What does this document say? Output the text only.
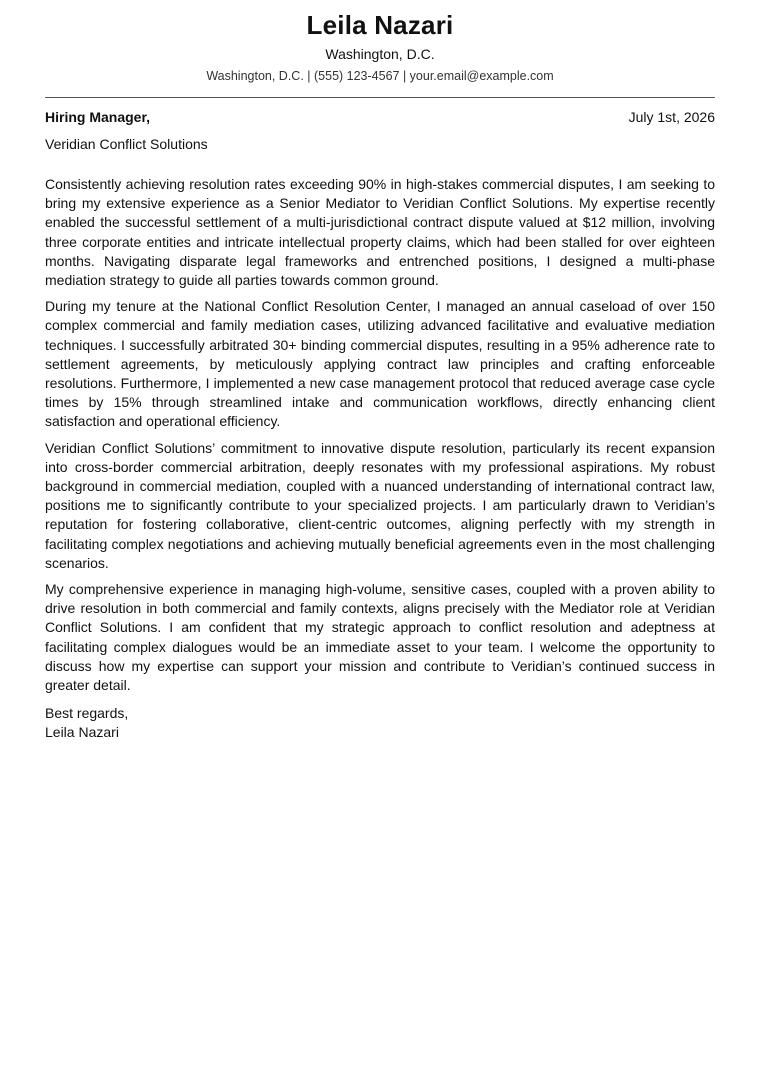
Leila Nazari
Washington, D.C.
Washington, D.C. | (555) 123-4567 | your.email@example.com
Hiring Manager,	July 1st, 2026
Veridian Conflict Solutions

Consistently achieving resolution rates exceeding 90% in high-stakes commercial disputes, I am seeking to bring my extensive experience as a Senior Mediator to Veridian Conflict Solutions. My expertise recently enabled the successful settlement of a multi-jurisdictional contract dispute valued at $12 million, involving three corporate entities and intricate intellectual property claims, which had been stalled for over eighteen months. Navigating disparate legal frameworks and entrenched positions, I designed a multi-phase mediation strategy to guide all parties towards common ground.

During my tenure at the National Conflict Resolution Center, I managed an annual caseload of over 150 complex commercial and family mediation cases, utilizing advanced facilitative and evaluative mediation techniques. I successfully arbitrated 30+ binding commercial disputes, resulting in a 95% adherence rate to settlement agreements, by meticulously applying contract law principles and crafting enforceable resolutions. Furthermore, I implemented a new case management protocol that reduced average case cycle times by 15% through streamlined intake and communication workflows, directly enhancing client satisfaction and operational efficiency.

Veridian Conflict Solutions’ commitment to innovative dispute resolution, particularly its recent expansion into cross-border commercial arbitration, deeply resonates with my professional aspirations. My robust background in commercial mediation, coupled with a nuanced understanding of international contract law, positions me to significantly contribute to your specialized projects. I am particularly drawn to Veridian’s reputation for fostering collaborative, client-centric outcomes, aligning perfectly with my strength in facilitating complex negotiations and achieving mutually beneficial agreements even in the most challenging scenarios.

My comprehensive experience in managing high-volume, sensitive cases, coupled with a proven ability to drive resolution in both commercial and family contexts, aligns precisely with the Mediator role at Veridian Conflict Solutions. I am confident that my strategic approach to conflict resolution and adeptness at facilitating complex dialogues would be an immediate asset to your team. I welcome the opportunity to discuss how my expertise can support your mission and contribute to Veridian’s continued success in greater detail.

Best regards,
Leila Nazari
